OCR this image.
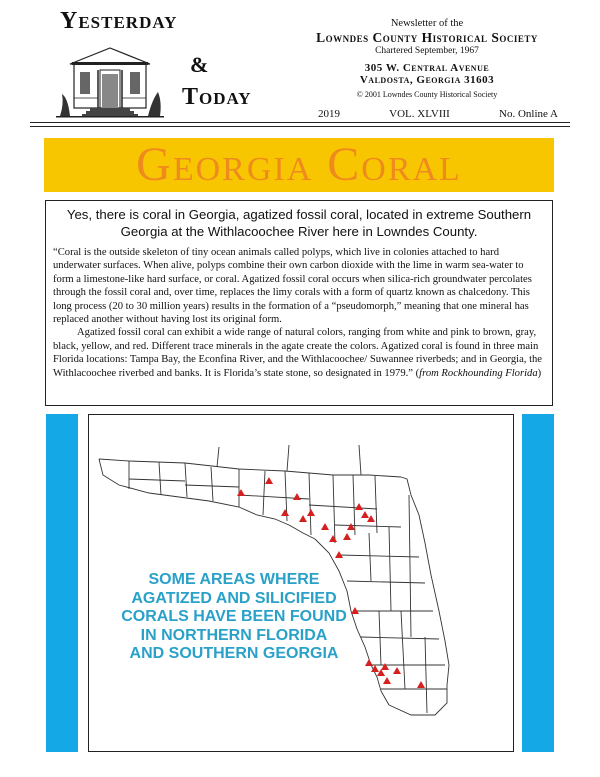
Yesterday
&
Today
Newsletter of the
Lowndes County Historical Society
Chartered September, 1967
305 W. Central Avenue
Valdosta, Georgia 31603
© 2001 Lowndes County Historical Society
2019	VOL. XLVIII	No. Online A
Georgia Coral

Yes, there is coral in Georgia, agatized fossil coral, located in extreme Southern Georgia at the Withlacoochee River here in Lowndes County.

“Coral is the outside skeleton of tiny ocean animals called polyps, which live in colonies attached to hard underwater surfaces. When alive, polyps combine their own carbon dioxide with the lime in warm sea-water to form a limestone-like hard surface, or coral. Agatized fossil coral occurs when silica-rich groundwater percolates through the fossil coral and, over time, replaces the limy corals with a form of quartz known as chalcedony. This long process (20 to 30 million years) results in the formation of a “pseudomorph,” meaning that one mineral has replaced another without having lost its original form.

Agatized fossil coral can exhibit a wide range of natural colors, ranging from white and pink to brown, gray, black, yellow, and red. Different trace minerals in the agate create the colors. Agatized coral is found in three main Florida locations: Tampa Bay, the Econfina River, and the Withlacoochee/ Suwannee riverbeds; and in Georgia, the Withlacoochee riverbed and banks. It is Florida’s state stone, so designated in 1979.” (from Rockhounding Florida)

SOME AREAS WHERE
AGATIZED AND SILICIFIED
CORALS HAVE BEEN FOUND
IN NORTHERN FLORIDA
AND SOUTHERN GEORGIA
